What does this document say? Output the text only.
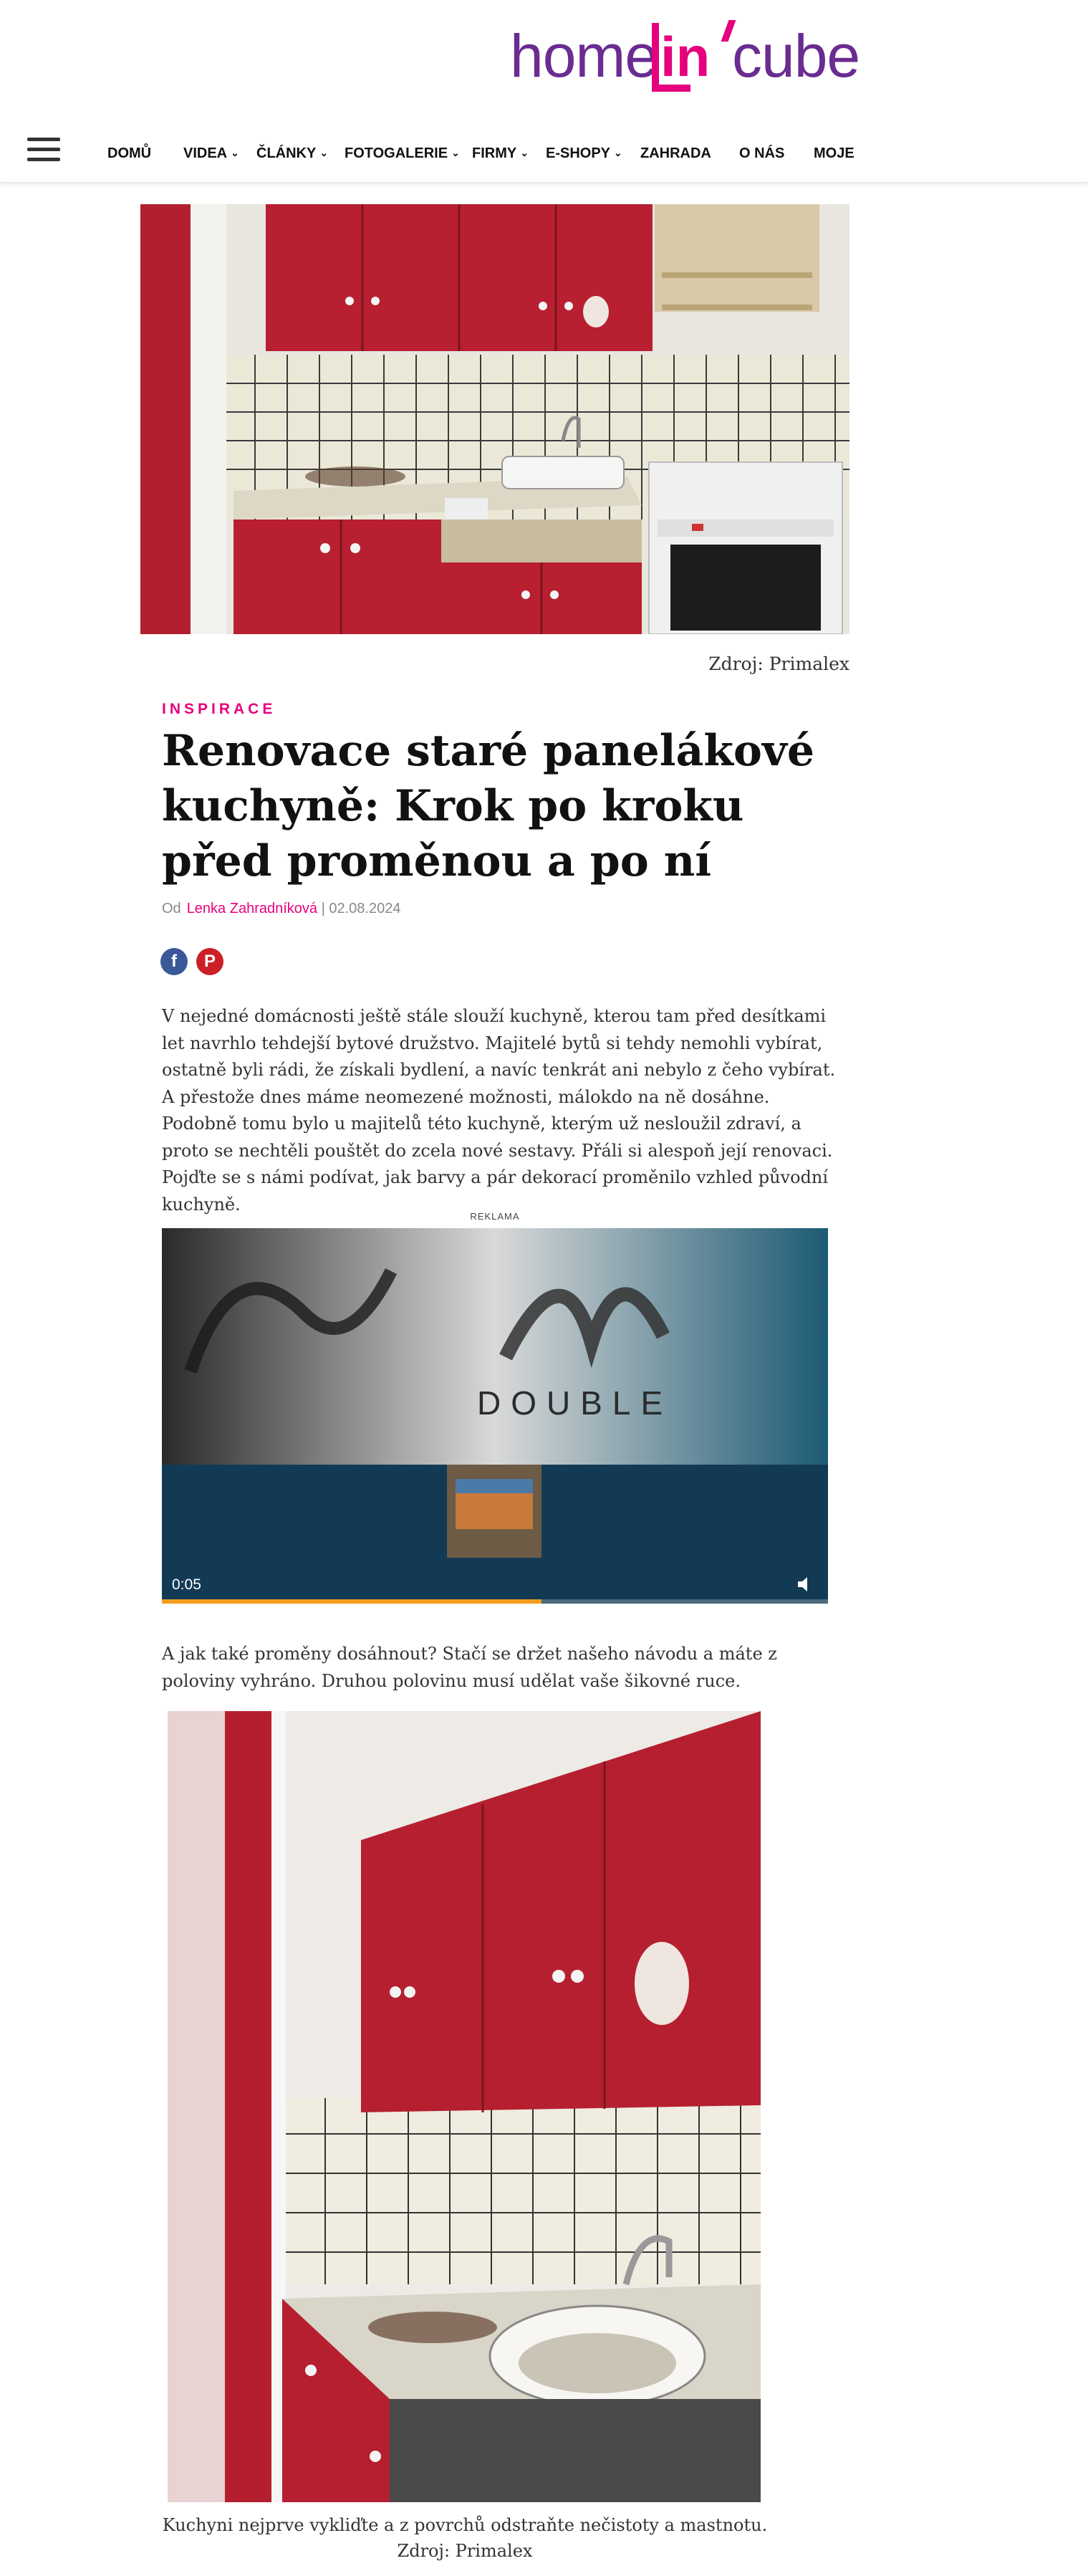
home in cube
DOMŮ VIDEA ⌄ ČLÁNKY ⌄ FOTOGALERIE ⌄ FIRMY ⌄ E-SHOPY ⌄ ZAHRADA O NÁS MOJE
Zdroj: Primalex
INSPIRACE
Renovace staré panelákové kuchyně: Krok po kroku před proměnou a po ní
Od Lenka Zahradníková | 02.08.2024
f P

V nejedné domácnosti ještě stále slouží kuchyně, kterou tam před desítkami let navrhlo tehdejší bytové družstvo. Majitelé bytů si tehdy nemohli vybírat, ostatně byli rádi, že získali bydlení, a navíc tenkrát ani nebylo z čeho vybírat. A přestože dnes máme neomezené možnosti, málokdo na ně dosáhne. Podobně tomu bylo u majitelů této kuchyně, kterým už nesloužil zdraví, a proto se nechtěli pouštět do zcela nové sestavy. Přáli si alespoň její renovaci. Pojďte se s námi podívat, jak barvy a pár dekorací proměnilo vzhled původní kuchyně.

REKLAMA
DOUBLE
0:05

A jak také proměny dosáhnout? Stačí se držet našeho návodu a máte z poloviny vyhráno. Druhou polovinu musí udělat vaše šikovné ruce.

Kuchyni nejprve vykliďte a z povrchů odstraňte nečistoty a mastnotu. Zdroj: Primalex
